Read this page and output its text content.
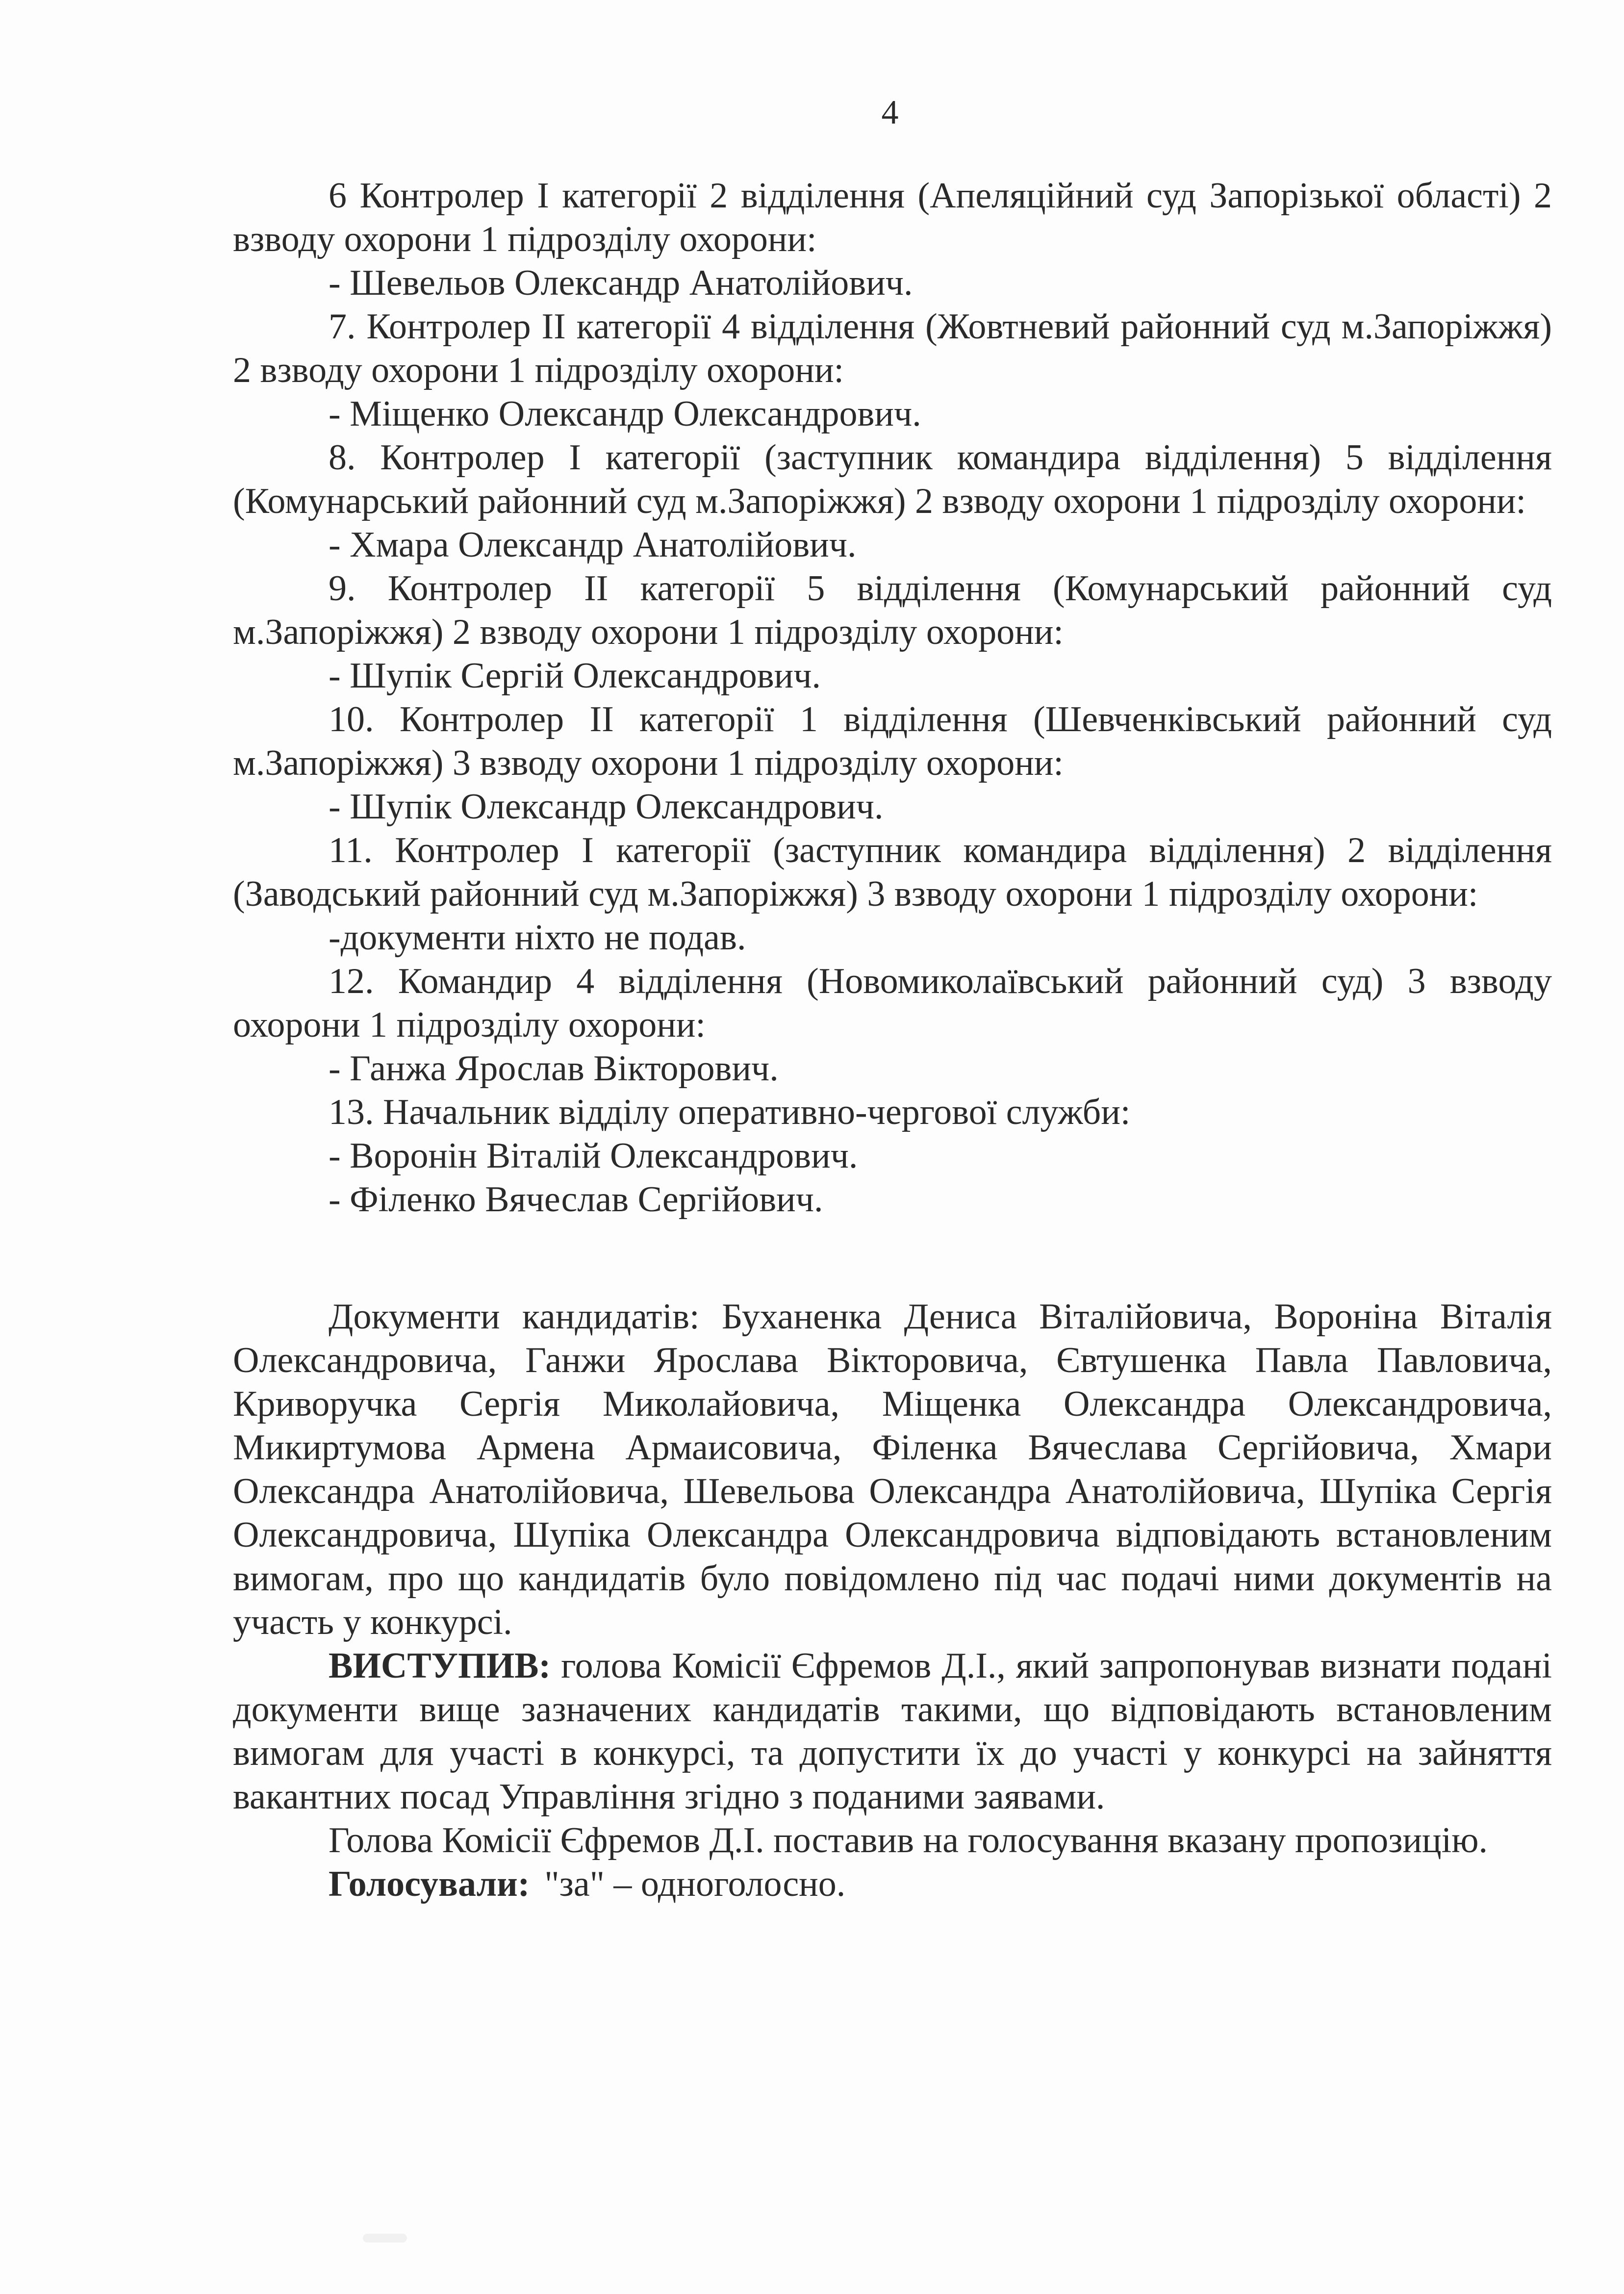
4

6 Контролер I категорії 2 відділення (Апеляційний суд Запорізької області) 2 взводу охорони 1 підрозділу охорони:

- Шевельов Олександр Анатолійович.

7. Контролер II категорії 4 відділення (Жовтневий районний суд м.Запоріжжя) 2 взводу охорони 1 підрозділу охорони:

- Міщенко Олександр Олександрович.

8. Контролер I категорії (заступник командира відділення) 5 відділення (Комунарський районний суд м.Запоріжжя) 2 взводу охорони 1 підрозділу охорони:

- Хмара Олександр Анатолійович.

9. Контролер II категорії 5 відділення (Комунарський районний суд м.Запоріжжя) 2 взводу охорони 1 підрозділу охорони:

- Шупік Сергій Олександрович.

10. Контролер II категорії 1 відділення (Шевченківський районний суд м.Запоріжжя) 3 взводу охорони 1 підрозділу охорони:

- Шупік Олександр Олександрович.

11. Контролер I категорії (заступник командира відділення) 2 відділення (Заводський районний суд м.Запоріжжя) 3 взводу охорони 1 підрозділу охорони:

-документи ніхто не подав.

12. Командир 4 відділення (Новомиколаївський районний суд) 3 взводу охорони 1 підрозділу охорони:

- Ганжа Ярослав Вікторович.

13. Начальник відділу оперативно-чергової служби:

- Воронін Віталій Олександрович.

- Філенко Вячеслав Сергійович.

Документи кандидатів: Буханенка Дениса Віталійовича, Вороніна Віталія Олександровича, Ганжи Ярослава Вікторовича, Євтушенка Павла Павловича, Криворучка Сергія Миколайовича, Міщенка Олександра Олександровича, Микиртумова Армена Армаисовича, Філенка Вячеслава Сергійовича, Хмари Олександра Анатолійовича, Шевельова Олександра Анатолійовича, Шупіка Сергія Олександровича, Шупіка Олександра Олександровича відповідають встановленим вимогам, про що кандидатів було повідомлено під час подачі ними документів на участь у конкурсі.

ВИСТУПИВ: голова Комісії Єфремов Д.І., який запропонував визнати подані документи вище зазначених кандидатів такими, що відповідають встановленим вимогам для участі в конкурсі, та допустити їх до участі у конкурсі на зайняття вакантних посад Управління згідно з поданими заявами.

Голова Комісії Єфремов Д.І. поставив на голосування вказану пропозицію.

Голосували: "за" – одноголосно.
